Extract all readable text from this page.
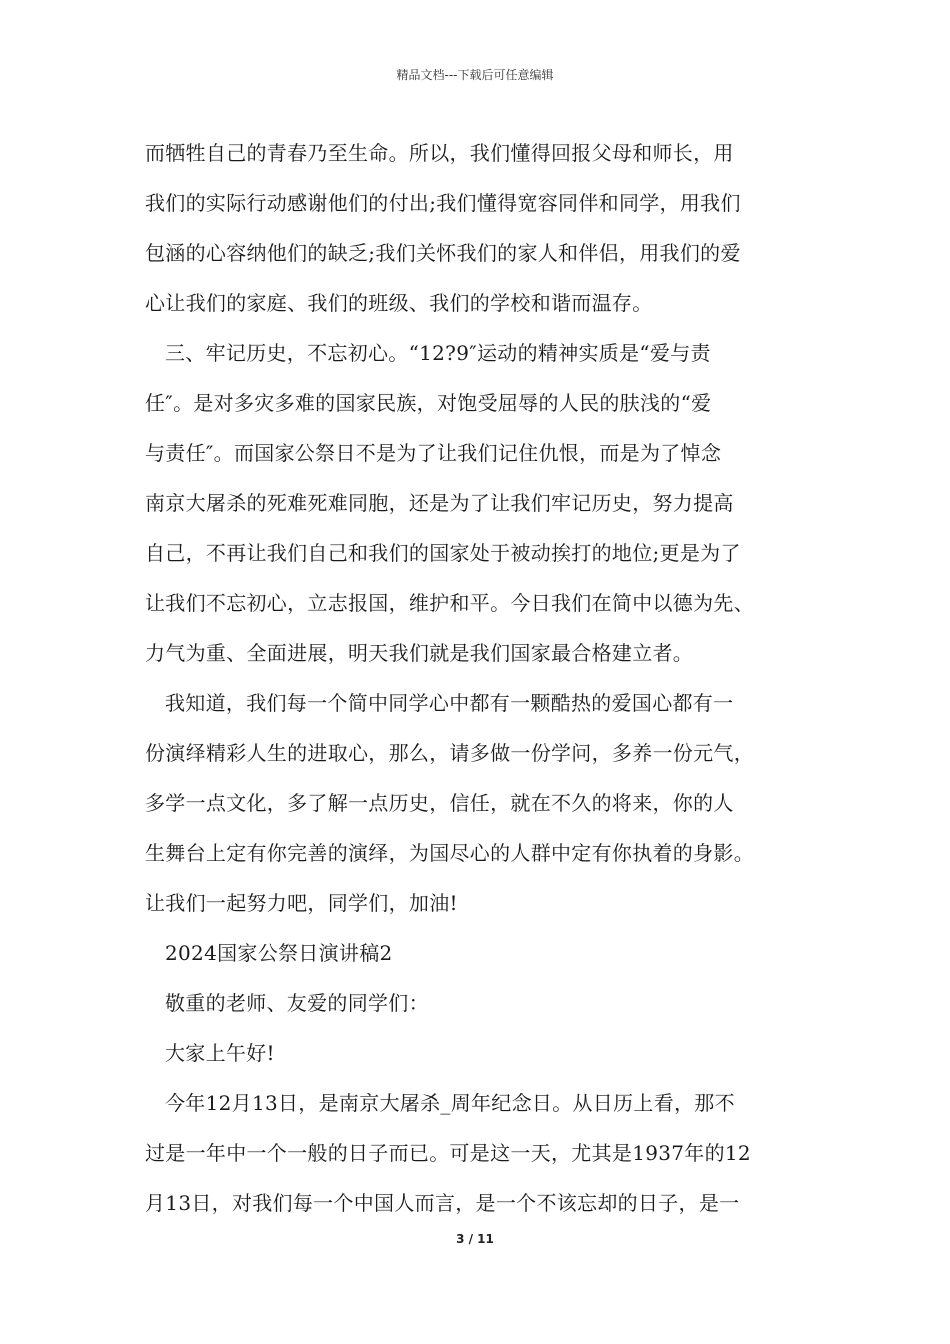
精品文档---下载后可任意编辑
而牺牲自己的青春乃至生命。所以，我们懂得回报父母和师长，用
我们的实际行动感谢他们的付出;我们懂得宽容同伴和同学，用我们
包涵的心容纳他们的缺乏;我们关怀我们的家人和伴侣，用我们的爱
心让我们的家庭、我们的班级、我们的学校和谐而温存。
三、牢记历史，不忘初心。“12?9″运动的精神实质是“爱与责
任″。是对多灾多难的国家民族，对饱受屈辱的人民的肤浅的“爱
与责任″。而国家公祭日不是为了让我们记住仇恨，而是为了悼念
南京大屠杀的死难死难同胞，还是为了让我们牢记历史，努力提高
自己，不再让我们自己和我们的国家处于被动挨打的地位;更是为了
让我们不忘初心，立志报国，维护和平。今日我们在简中以德为先、
力气为重、全面进展，明天我们就是我们国家最合格建立者。
我知道，我们每一个简中同学心中都有一颗酷热的爱国心都有一
份演绎精彩人生的进取心，那么，请多做一份学问，多养一份元气，
多学一点文化，多了解一点历史，信任，就在不久的将来，你的人
生舞台上定有你完善的演绎，为国尽心的人群中定有你执着的身影。
让我们一起努力吧，同学们，加油!
2024国家公祭日演讲稿2
敬重的老师、友爱的同学们：
大家上午好!
今年12月13日，是南京大屠杀_周年纪念日。从日历上看，那不
过是一年中一个一般的日子而已。可是这一天，尤其是1937年的12
月13日，对我们每一个中国人而言，是一个不该忘却的日子，是一
3 / 11
